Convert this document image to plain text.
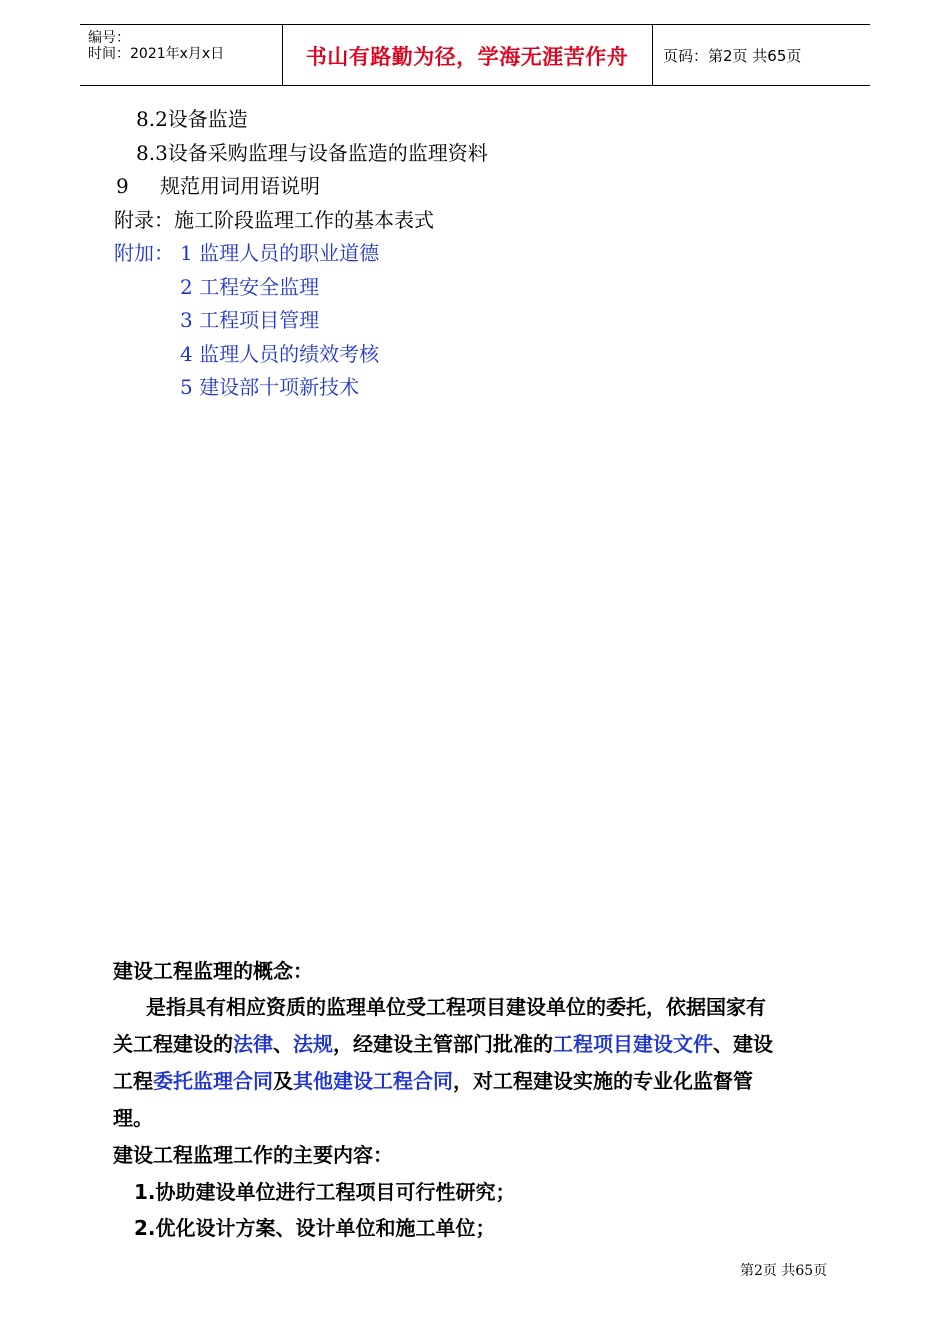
编号：
时间：2021年x月x日	书山有路勤为径，学海无涯苦作舟	页码：第2页 共65页
8.2设备监造
8.3设备采购监理与设备监造的监理资料
9 规范用词用语说明
附录：施工阶段监理工作的基本表式
附加： 1 监理人员的职业道德
2 工程安全监理
3 工程项目管理
4 监理人员的绩效考核
5 建设部十项新技术
建设工程监理的概念：
是指具有相应资质的监理单位受工程项目建设单位的委托，依据国家有
关工程建设的法律、法规，经建设主管部门批准的工程项目建设文件、建设
工程委托监理合同及其他建设工程合同，对工程建设实施的专业化监督管
理。
建设工程监理工作的主要内容：
1.协助建设单位进行工程项目可行性研究；
2.优化设计方案、设计单位和施工单位；
第2页 共65页
